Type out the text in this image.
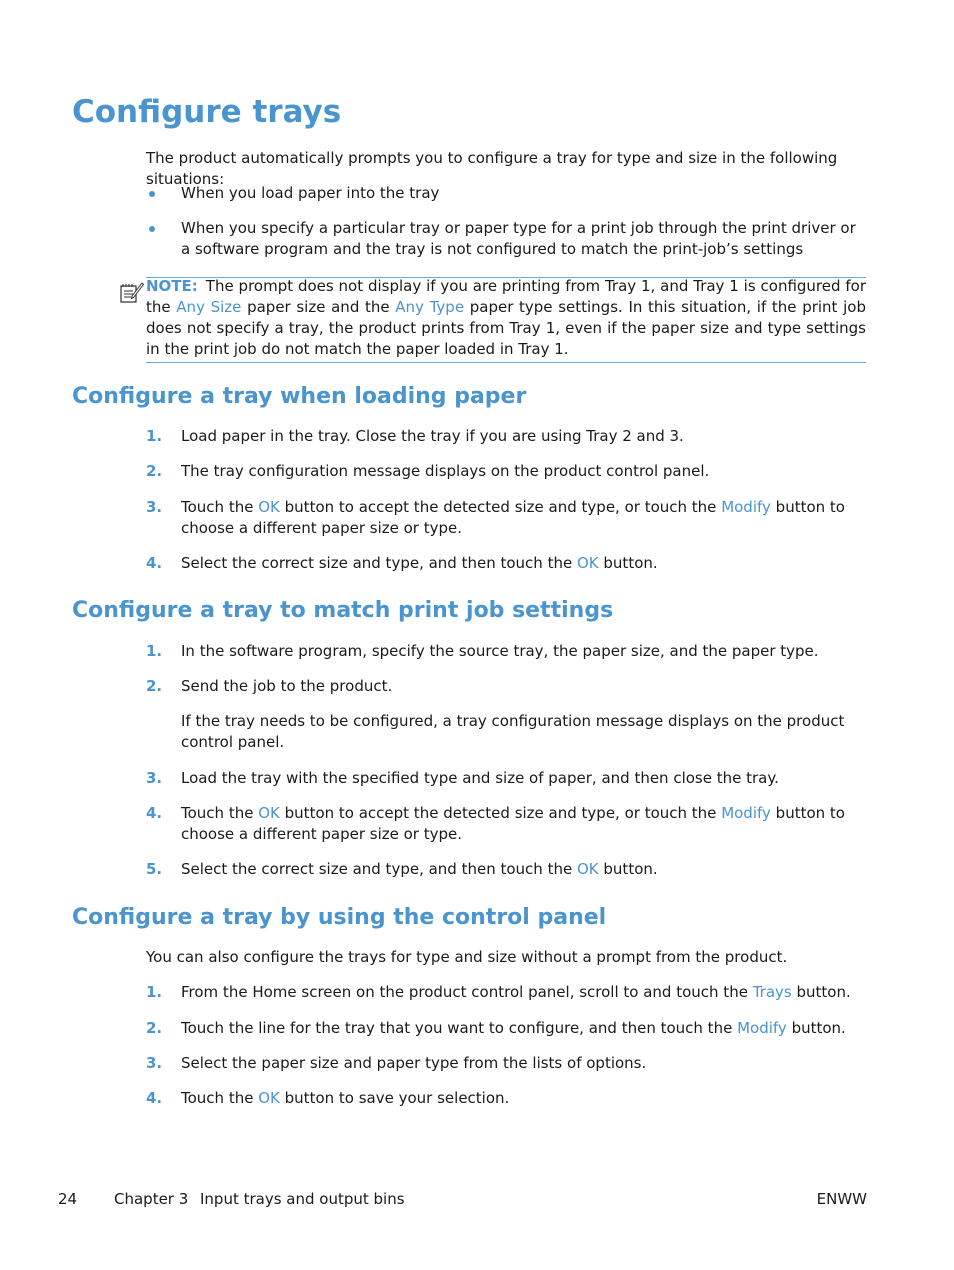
Configure trays

The product automatically prompts you to configure a tray for type and size in the following situations:

When you load paper into the tray
When you specify a particular tray or paper type for a print job through the print driver or a software program and the tray is not configured to match the print-job’s settings
NOTE: The prompt does not display if you are printing from Tray 1, and Tray 1 is configured for the Any Size paper size and the Any Type paper type settings. In this situation, if the print job does not specify a tray, the product prints from Tray 1, even if the paper size and type settings in the print job do not match the paper loaded in Tray 1.
Configure a tray when loading paper
1.	Load paper in the tray. Close the tray if you are using Tray 2 and 3.
2.	The tray configuration message displays on the product control panel.
3.	Touch the OK button to accept the detected size and type, or touch the Modify button to choose a different paper size or type.
4.	Select the correct size and type, and then touch the OK button.
Configure a tray to match print job settings
1.	In the software program, specify the source tray, the paper size, and the paper type.
2.	Send the job to the product.
If the tray needs to be configured, a tray configuration message displays on the product control panel.
3.	Load the tray with the specified type and size of paper, and then close the tray.
4.	Touch the OK button to accept the detected size and type, or touch the Modify button to choose a different paper size or type.
5.	Select the correct size and type, and then touch the OK button.
Configure a tray by using the control panel

You can also configure the trays for type and size without a prompt from the product.

1.	From the Home screen on the product control panel, scroll to and touch the Trays button.
2.	Touch the line for the tray that you want to configure, and then touch the Modify button.
3.	Select the paper size and paper type from the lists of options.
4.	Touch the OK button to save your selection.
24 Chapter 3 Input trays and output bins	ENWW
